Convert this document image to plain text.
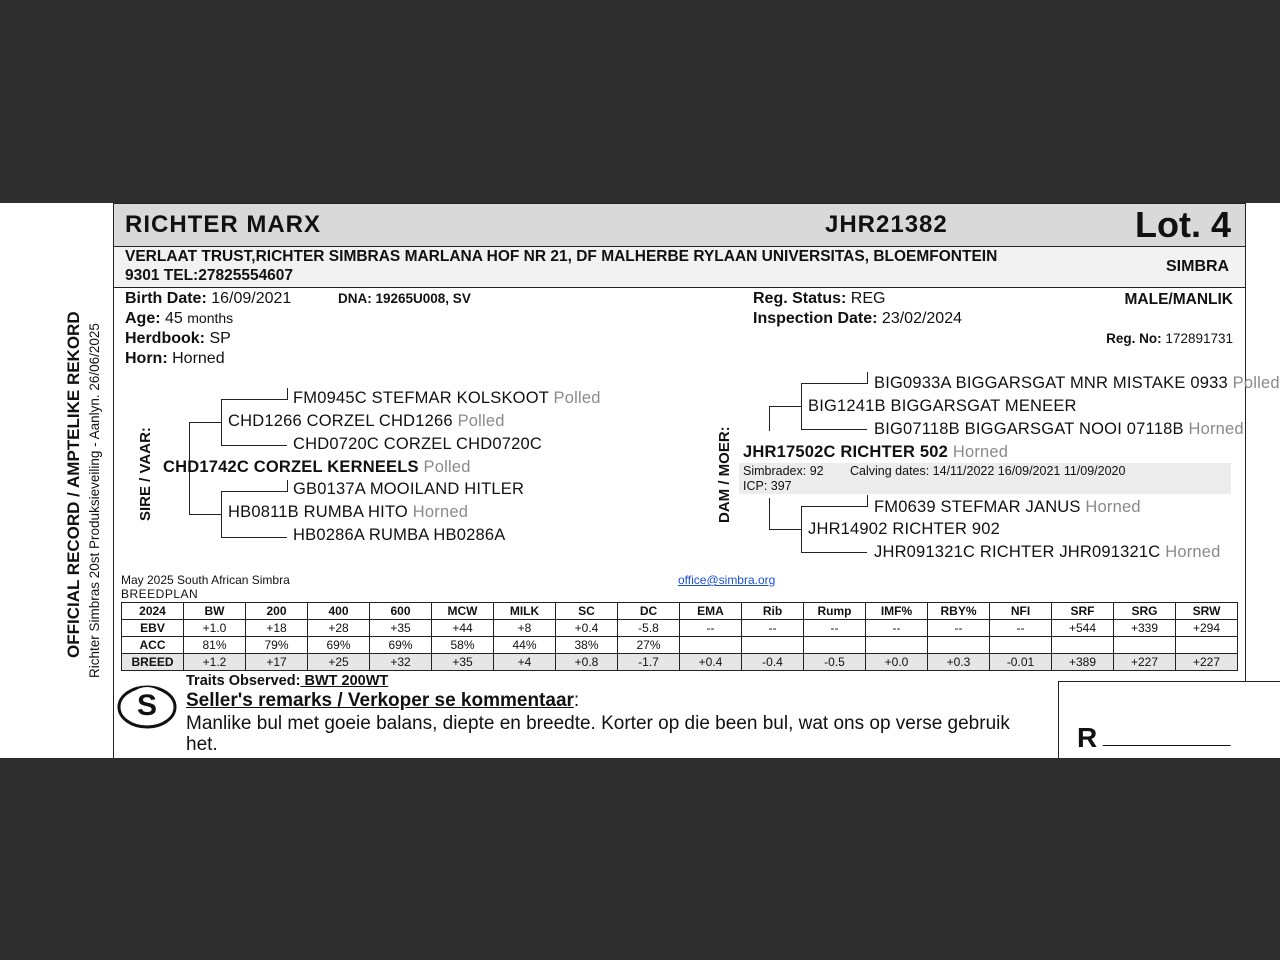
OFFICIAL RECORD / AMPTELIKE REKORD Richter Simbras 20st Produksieveiling - Aanlyn. 26/06/2025
RICHTER MARX	JHR21382	Lot. 4
VERLAAT TRUST,RICHTER SIMBRAS MARLANA HOF NR 21, DF MALHERBE RYLAAN UNIVERSITAS, BLOEMFONTEIN
9301 TEL:27825554607
SIMBRA
Birth Date: 16/09/2021	DNA: 19265U008, SV
Age: 45 months
Herdbook: SP
Horn: Horned
Reg. Status: REG
Inspection Date: 23/02/2024
MALE/MANLIK
Reg. No: 172891731
SIRE / VAAR:
FM0945C STEFMAR KOLSKOOT Polled
CHD1266 CORZEL CHD1266 Polled
CHD0720C CORZEL CHD0720C
CHD1742C CORZEL KERNEELS Polled
GB0137A MOOILAND HITLER
HB0811B RUMBA HITO Horned
HB0286A RUMBA HB0286A
DAM / MOER:
BIG0933A BIGGARSGAT MNR MISTAKE 0933 Polled
BIG1241B BIGGARSGAT MENEER
BIG07118B BIGGARSGAT NOOI 07118B Horned
JHR17502C RICHTER 502 Horned
Simbradex: 92 Calving dates: 14/11/2022 16/09/2021 11/09/2020
ICP: 397
FM0639 STEFMAR JANUS Horned
JHR14902 RICHTER 902
JHR091321C RICHTER JHR091321C Horned
May 2025 South African Simbra
BREEDPLAN
office@simbra.org
2024	BW	200	400	600	MCW	MILK	SC	DC	EMA	Rib	Rump	IMF%	RBY%	NFI	SRF	SRG	SRW
EBV	+1.0	+18	+28	+35	+44	+8	+0.4	-5.8	--	--	--	--	--	--	+544	+339	+294
ACC	81%	79%	69%	69%	58%	44%	38%	27%									
BREED	+1.2	+17	+25	+32	+35	+4	+0.8	-1.7	+0.4	-0.4	-0.5	+0.0	+0.3	-0.01	+389	+227	+227
S
Traits Observed: BWT 200WT
Seller's remarks / Verkoper se kommentaar:
Manlike bul met goeie balans, diepte en breedte. Korter op die been bul, wat ons op verse gebruik het.	R ________________
